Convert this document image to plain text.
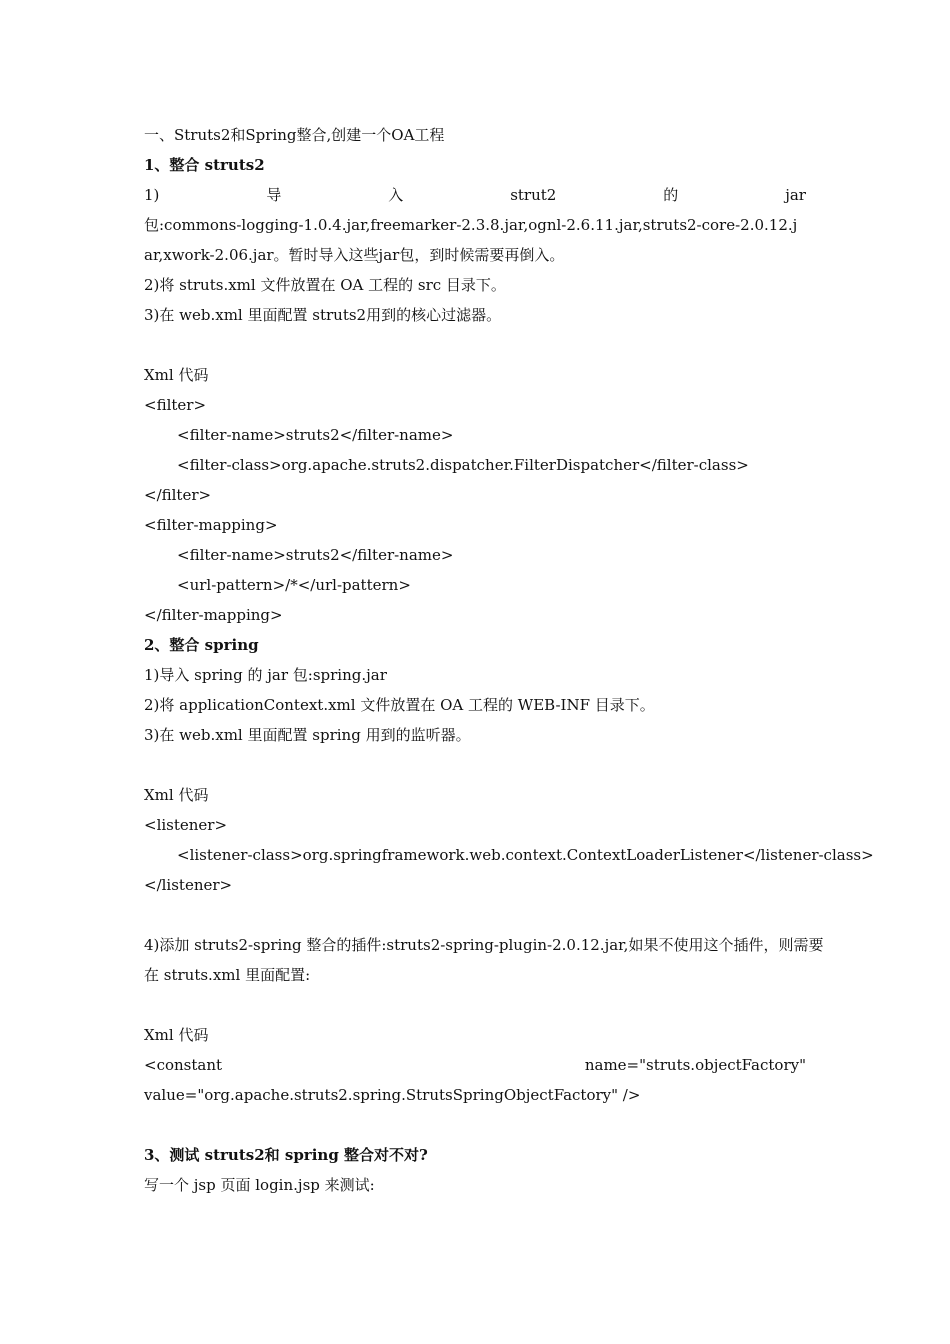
一、Struts2和Spring整合,创建一个OA工程
1、整合 struts2
1)	导	入	strut2	的	jar
包:commons-logging-1.0.4.jar,freemarker-2.3.8.jar,ognl-2.6.11.jar,struts2-core-2.0.12.jar,xwork-2.06.jar。暂时导入这些jar包，到时候需要再倒入。
2)将 struts.xml 文件放置在 OA 工程的 src 目录下。
3)在 web.xml 里面配置 struts2用到的核心过滤器。
Xml 代码
<filter>
<filter-name>struts2</filter-name>
<filter-class>org.apache.struts2.dispatcher.FilterDispatcher</filter-class>
</filter>
<filter-mapping>
<filter-name>struts2</filter-name>
<url-pattern>/*</url-pattern>
</filter-mapping>
2、整合 spring
1)导入 spring 的 jar 包:spring.jar
2)将 applicationContext.xml 文件放置在 OA 工程的 WEB-INF 目录下。
3)在 web.xml 里面配置 spring 用到的监听器。
Xml 代码
<listener>
<listener-class>org.springframework.web.context.ContextLoaderListener</listener-class>
</listener>
4)添加 struts2-spring 整合的插件:struts2-spring-plugin-2.0.12.jar,如果不使用这个插件，则需要
在 struts.xml 里面配置:
Xml 代码
<constant	name="struts.objectFactory"
value="org.apache.struts2.spring.StrutsSpringObjectFactory" />
3、测试 struts2和 spring 整合对不对?
写一个 jsp 页面 login.jsp 来测试:
